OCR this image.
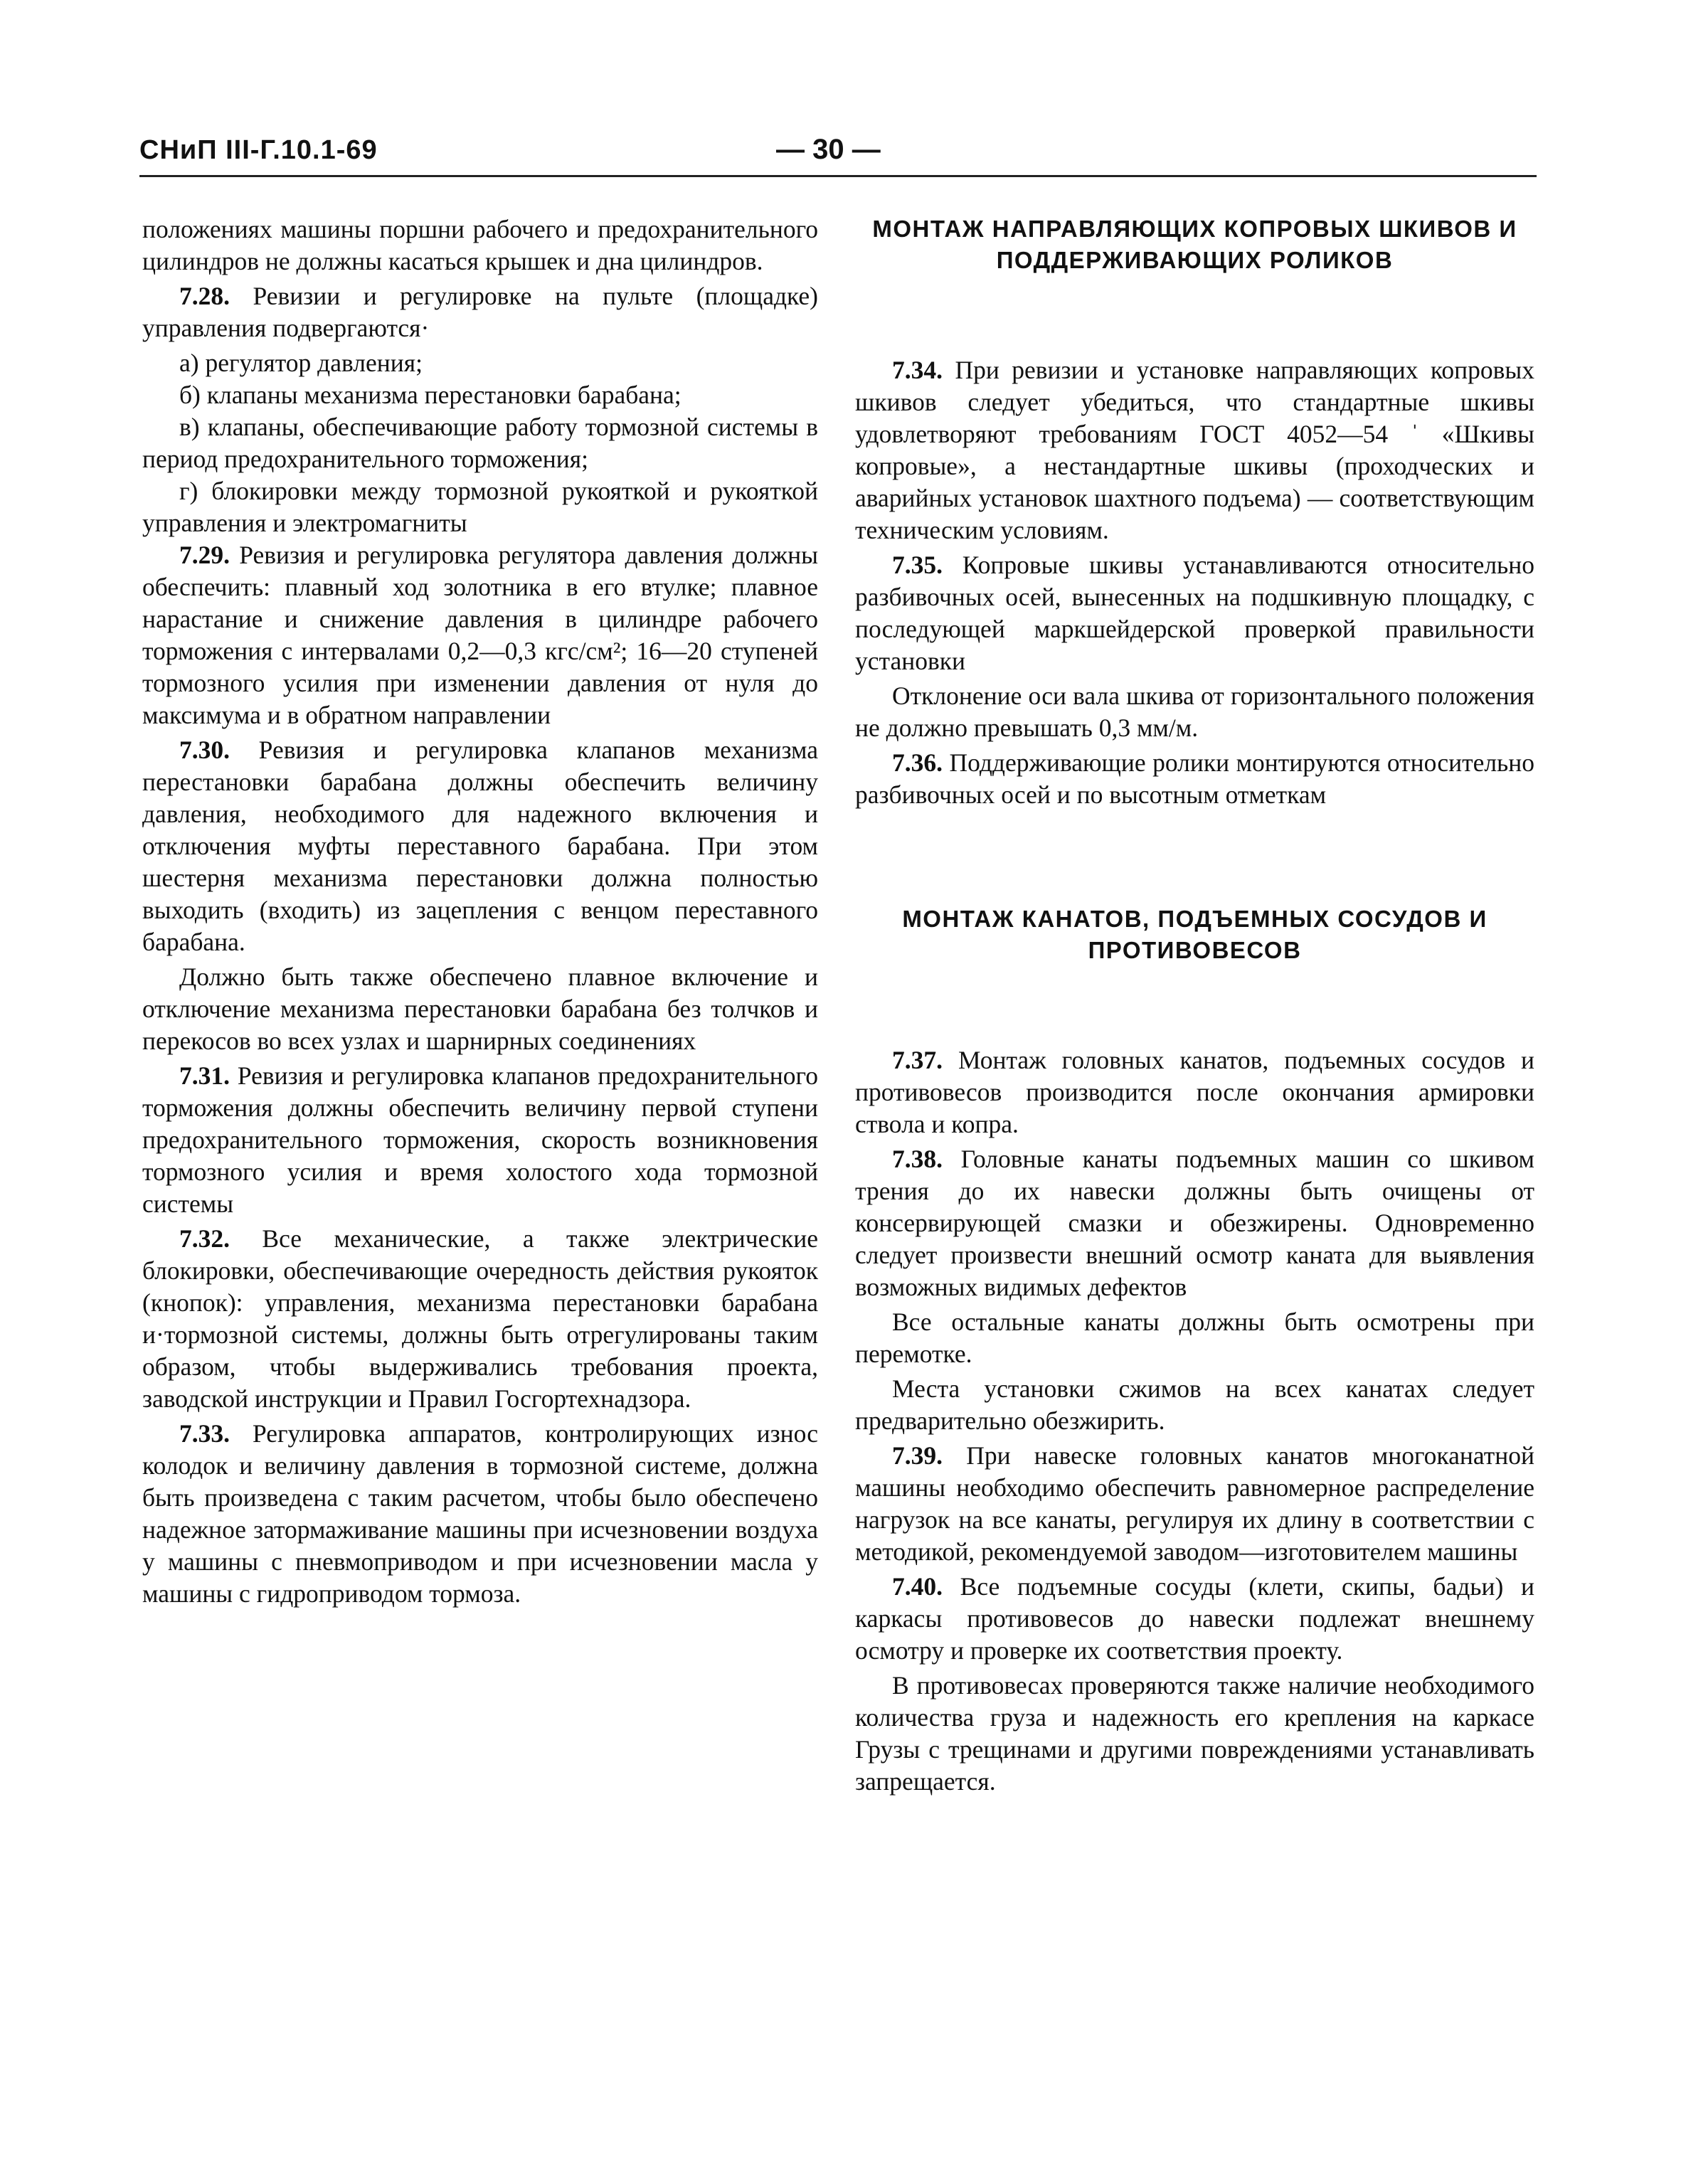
СНиП III-Г.10.1-69	— 30 —

положениях машины поршни рабочего и предохранительного цилиндров не должны касаться крышек и дна цилиндров.

7.28. Ревизии и регулировке на пульте (площадке) управления подвергаются·

а) регулятор давления;

б) клапаны механизма перестановки барабана;

в) клапаны, обеспечивающие работу тормозной системы в период предохранительного торможения;

г) блокировки между тормозной рукояткой и рукояткой управления и электромагниты

7.29. Ревизия и регулировка регулятора давления должны обеспечить: плавный ход золотника в его втулке; плавное нарастание и снижение давления в цилиндре рабочего торможения с интервалами 0,2—0,3 кгс/см²; 16—20 ступеней тормозного усилия при изменении давления от нуля до максимума и в обратном направлении

7.30. Ревизия и регулировка клапанов механизма перестановки барабана должны обеспечить величину давления, необходимого для надежного включения и отключения муфты переставного барабана. При этом шестерня механизма перестановки должна полностью выходить (входить) из зацепления с венцом переставного барабана.

Должно быть также обеспечено плавное включение и отключение механизма перестановки барабана без толчков и перекосов во всех узлах и шарнирных соединениях

7.31. Ревизия и регулировка клапанов предохранительного торможения должны обеспечить величину первой ступени предохранительного торможения, скорость возникновения тормозного усилия и время холостого хода тормозной системы

7.32. Все механические, а также электрические блокировки, обеспечивающие очередность действия рукояток (кнопок): управления, механизма перестановки барабана и·тормозной системы, должны быть отрегулированы таким образом, чтобы выдерживались требования проекта, заводской инструкции и Правил Госгортехнадзора.

7.33. Регулировка аппаратов, контролирующих износ колодок и величину давления в тормозной системе, должна быть произведена с таким расчетом, чтобы было обеспечено надежное затормаживание машины при исчезновении воздуха у машины с пневмоприводом и при исчезновении масла у машины с гидроприводом тормоза.

МОНТАЖ НАПРАВЛЯЮЩИХ КОПРОВЫХ ШКИВОВ И ПОДДЕРЖИВАЮЩИХ РОЛИКОВ

7.34. При ревизии и установке направляющих копровых шкивов следует убедиться, что стандартные шкивы удовлетворяют требованиям ГОСТ 4052—54 ˈ «Шкивы копровые», а нестандартные шкивы (проходческих и аварийных установок шахтного подъема) — соответствующим техническим условиям.

7.35. Копровые шкивы устанавливаются относительно разбивочных осей, вынесенных на подшкивную площадку, с последующей маркшейдерской проверкой правильности установки

Отклонение оси вала шкива от горизонтального положения не должно превышать 0,3 мм/м.

7.36. Поддерживающие ролики монтируются относительно разбивочных осей и по высотным отметкам

МОНТАЖ КАНАТОВ, ПОДЪЕМНЫХ СОСУДОВ И ПРОТИВОВЕСОВ

7.37. Монтаж головных канатов, подъемных сосудов и противовесов производится после окончания армировки ствола и копра.

7.38. Головные канаты подъемных машин со шкивом трения до их навески должны быть очищены от консервирующей смазки и обезжирены. Одновременно следует произвести внешний осмотр каната для выявления возможных видимых дефектов

Все остальные канаты должны быть осмотрены при перемотке.

Места установки сжимов на всех канатах следует предварительно обезжирить.

7.39. При навеске головных канатов многоканатной машины необходимо обеспечить равномерное распределение нагрузок на все канаты, регулируя их длину в соответствии с методикой, рекомендуемой заводом—изготовителем машины

7.40. Все подъемные сосуды (клети, скипы, бадьи) и каркасы противовесов до навески подлежат внешнему осмотру и проверке их соответствия проекту.

В противовесах проверяются также наличие необходимого количества груза и надежность его крепления на каркасе Грузы с трещинами и другими повреждениями устанавливать запрещается.
